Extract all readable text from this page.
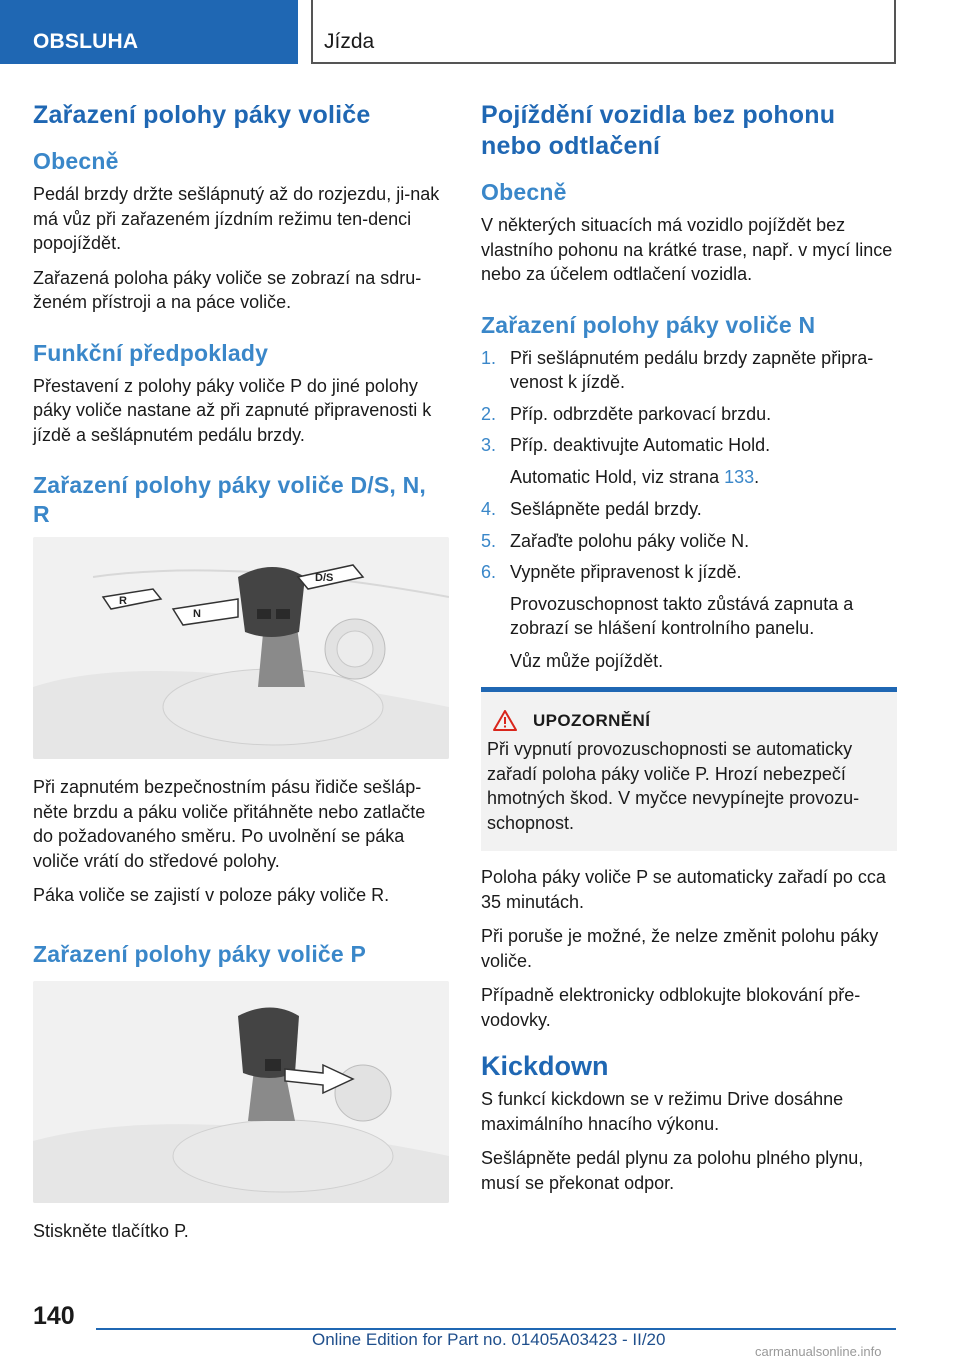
OBSLUHA	Jízda
Zařazení polohy páky voliče
Obecně

Pedál brzdy držte sešlápnutý až do rozjezdu, ji-nak má vůz při zařazeném jízdním režimu ten-denci popojíždět.

Zařazená poloha páky voliče se zobrazí na sdru-ženém přístroji a na páce voliče.

Funkční předpoklady

Přestavení z polohy páky voliče P do jiné polohy páky voliče nastane až při zapnuté připravenosti k jízdě a sešlápnutém pedálu brzdy.

Zařazení polohy páky voliče D/S, N, R
R
N
D/S

Při zapnutém bezpečnostním pásu řidiče sešláp-něte brzdu a páku voliče přitáhněte nebo zatlačte do požadovaného směru. Po uvolnění se páka voliče vrátí do středové polohy.

Páka voliče se zajistí v poloze páky voliče R.

Zařazení polohy páky voliče P

Stiskněte tlačítko P.

Pojíždění vozidla bez pohonu nebo odtlačení
Obecně

V některých situacích má vozidlo pojíždět bez vlastního pohonu na krátké trase, např. v mycí lince nebo za účelem odtlačení vozidla.

Zařazení polohy páky voliče N
1. Při sešlápnutém pedálu brzdy zapněte připra-venost k jízdě.
2. Příp. odbrzděte parkovací brzdu.
3. Příp. deaktivujte Automatic Hold.
Automatic Hold, viz strana 133.
4. Sešlápněte pedál brzdy.
5. Zařaďte polohu páky voliče N.
6. Vypněte připravenost k jízdě.
Provozuschopnost takto zůstává zapnuta a zobrazí se hlášení kontrolního panelu.
Vůz může pojíždět.
UPOZORNĚNÍ

Při vypnutí provozuschopnosti se automaticky zařadí poloha páky voliče P. Hrozí nebezpečí hmotných škod. V myčce nevypínejte provozu-schopnost.

Poloha páky voliče P se automaticky zařadí po cca 35 minutách.

Při poruše je možné, že nelze změnit polohu páky voliče.

Případně elektronicky odblokujte blokování pře-vodovky.

Kickdown

S funkcí kickdown se v režimu Drive dosáhne maximálního hnacího výkonu.

Sešlápněte pedál plynu za polohu plného plynu, musí se překonat odpor.

140
Online Edition for Part no. 01405A03423 - II/20
carmanualsonline.info
